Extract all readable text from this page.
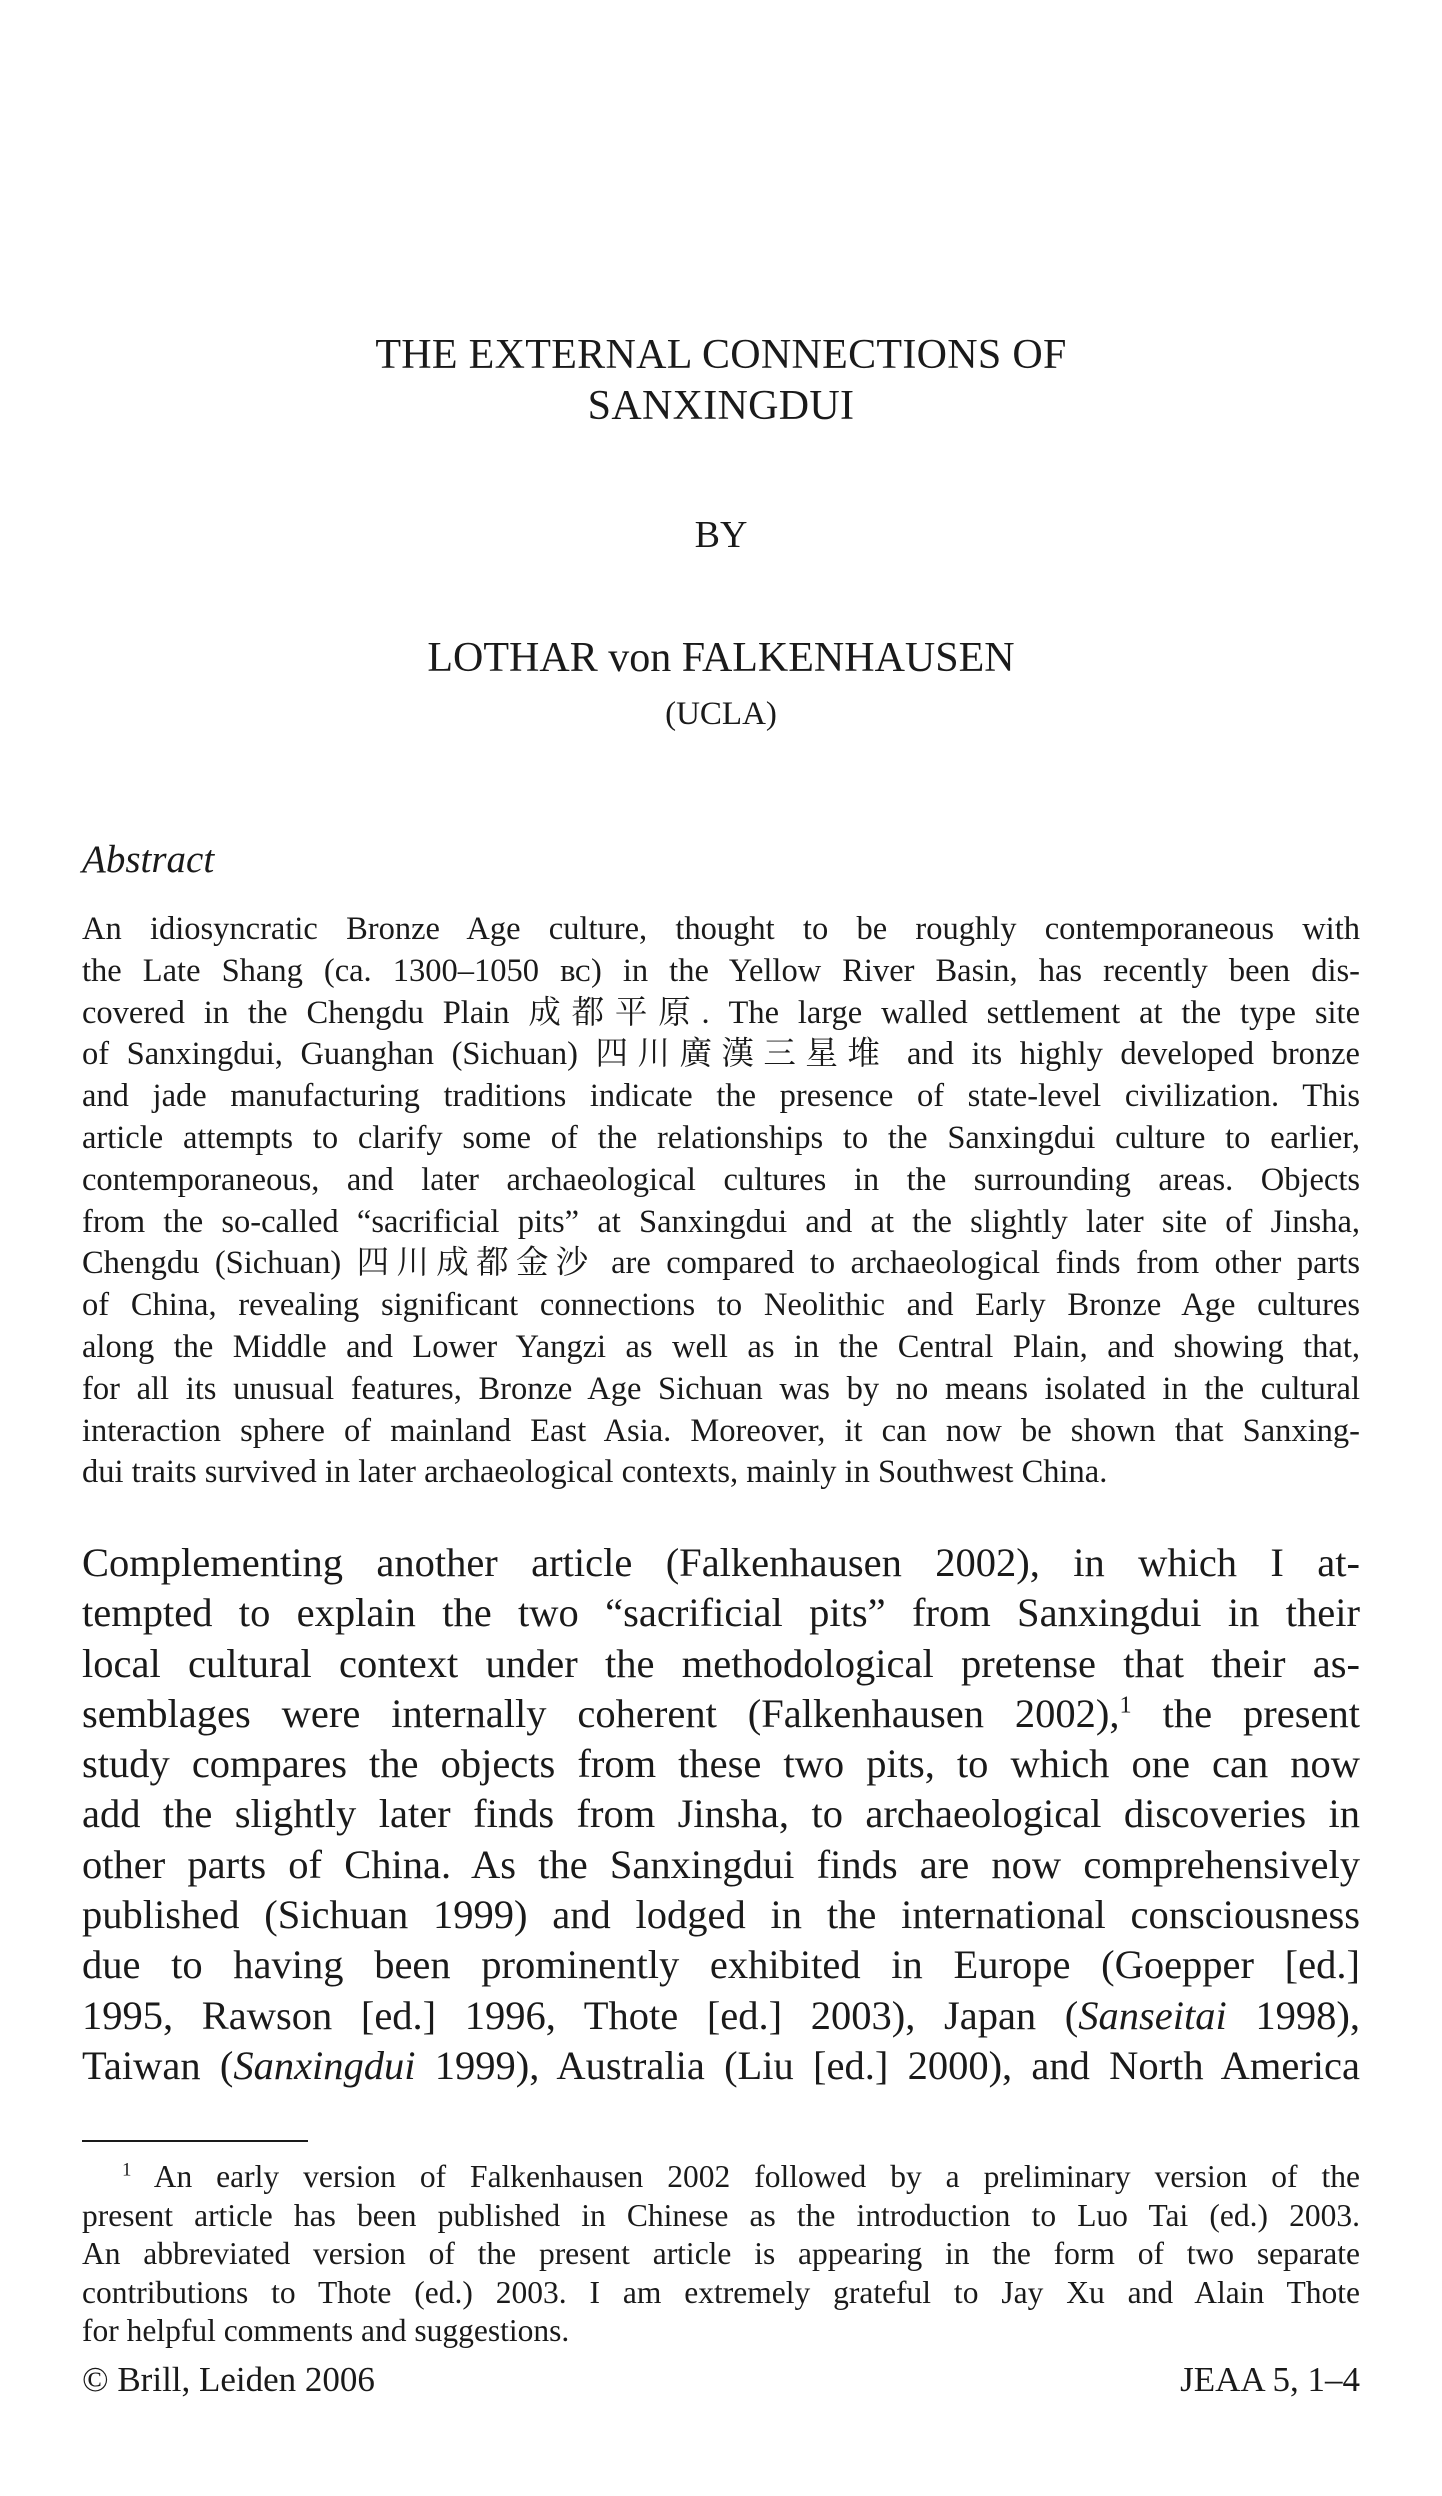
THE EXTERNAL CONNECTIONS OF
SANXINGDUI
BY
LOTHAR von FALKENHAUSEN
(UCLA)
Abstract
An idiosyncratic Bronze Age culture, thought to be roughly contemporaneous with
the Late Shang (ca. 1300–1050 ʙᴄ) in the Yellow River Basin, has recently been dis-
covered in the Chengdu Plain 成都平原. The large walled settlement at the type site
of Sanxingdui, Guanghan (Sichuan) 四川廣漢三星堆 and its highly developed bronze
and jade manufacturing traditions indicate the presence of state-level civilization. This
article attempts to clarify some of the relationships to the Sanxingdui culture to earlier,
contemporaneous, and later archaeological cultures in the surrounding areas. Objects
from the so-called “sacrificial pits” at Sanxingdui and at the slightly later site of Jinsha,
Chengdu (Sichuan) 四川成都金沙 are compared to archaeological finds from other parts
of China, revealing significant connections to Neolithic and Early Bronze Age cultures
along the Middle and Lower Yangzi as well as in the Central Plain, and showing that,
for all its unusual features, Bronze Age Sichuan was by no means isolated in the cultural
interaction sphere of mainland East Asia. Moreover, it can now be shown that Sanxing-
dui traits survived in later archaeological contexts, mainly in Southwest China.
Complementing another article (Falkenhausen 2002), in which I at-
tempted to explain the two “sacrificial pits” from Sanxingdui in their
local cultural context under the methodological pretense that their as-
semblages were internally coherent (Falkenhausen 2002),$^1$ the present
study compares the objects from these two pits, to which one can now
add the slightly later finds from Jinsha, to archaeological discoveries in
other parts of China. As the Sanxingdui finds are now comprehensively
published (Sichuan 1999) and lodged in the international consciousness
due to having been prominently exhibited in Europe (Goepper [ed.]
1995, Rawson [ed.] 1996, Thote [ed.] 2003), Japan (Sanseitai 1998),
Taiwan (Sanxingdui 1999), Australia (Liu [ed.] 2000), and North America
$^1$ An early version of Falkenhausen 2002 followed by a preliminary version of the
present article has been published in Chinese as the introduction to Luo Tai (ed.) 2003.
An abbreviated version of the present article is appearing in the form of two separate
contributions to Thote (ed.) 2003. I am extremely grateful to Jay Xu and Alain Thote
for helpful comments and suggestions.
© Brill, Leiden 2006	JEAA 5, 1–4
